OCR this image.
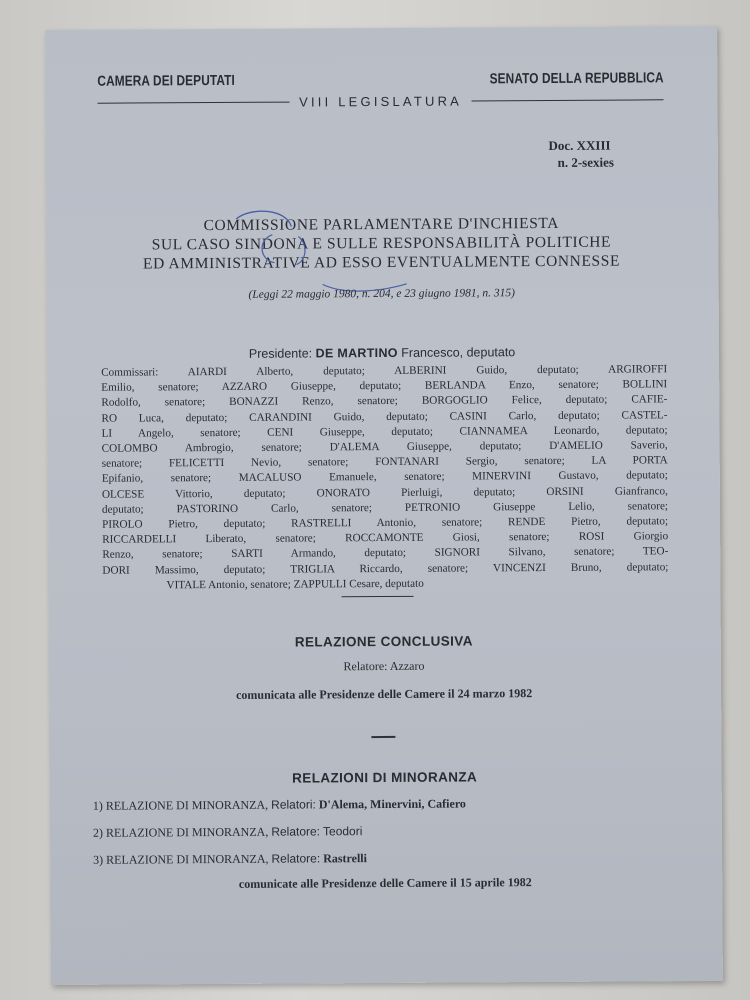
CAMERA DEI DEPUTATI	SENATO DELLA REPUBBLICA
VIII LEGISLATURA
Doc. XXIII
n. 2-sexies
COMMISSIONE PARLAMENTARE D'INCHIESTA
SUL CASO SINDONA E SULLE RESPONSABILITÀ POLITICHE
ED AMMINISTRATIVE AD ESSO EVENTUALMENTE CONNESSE
(Leggi 22 maggio 1980, n. 204, e 23 giugno 1981, n. 315)
Presidente: DE MARTINO Francesco, deputato
Commissari: AIARDI Alberto, deputato; ALBERINI Guido, deputato; ARGIROFFI
Emilio, senatore; AZZARO Giuseppe, deputato; BERLANDA Enzo, senatore; BOLLINI
Rodolfo, senatore; BONAZZI Renzo, senatore; BORGOGLIO Felice, deputato; CAFIE-
RO Luca, deputato; CARANDINI Guido, deputato; CASINI Carlo, deputato; CASTEL-
LI Angelo, senatore; CENI Giuseppe, deputato; CIANNAMEA Leonardo, deputato;
COLOMBO Ambrogio, senatore; D'ALEMA Giuseppe, deputato; D'AMELIO Saverio,
senatore; FELICETTI Nevio, senatore; FONTANARI Sergio, senatore; LA PORTA
Epifanio, senatore; MACALUSO Emanuele, senatore; MINERVINI Gustavo, deputato;
OLCESE Vittorio, deputato; ONORATO Pierluigi, deputato; ORSINI Gianfranco,
deputato; PASTORINO Carlo, senatore; PETRONIO Giuseppe Lelio, senatore;
PIROLO Pietro, deputato; RASTRELLI Antonio, senatore; RENDE Pietro, deputato;
RICCARDELLI Liberato, senatore; ROCCAMONTE Giosi, senatore; ROSI Giorgio
Renzo, senatore; SARTI Armando, deputato; SIGNORI Silvano, senatore; TEO-
DORI Massimo, deputato; TRIGLIA Riccardo, senatore; VINCENZI Bruno, deputato;
VITALE Antonio, senatore; ZAPPULLI Cesare, deputato
RELAZIONE CONCLUSIVA
Relatore: Azzaro
comunicata alle Presidenze delle Camere il 24 marzo 1982
RELAZIONI DI MINORANZA
1) RELAZIONE DI MINORANZA, Relatori: D'Alema, Minervini, Cafiero
2) RELAZIONE DI MINORANZA, Relatore: Teodori
3) RELAZIONE DI MINORANZA, Relatore: Rastrelli
comunicate alle Presidenze delle Camere il 15 aprile 1982
